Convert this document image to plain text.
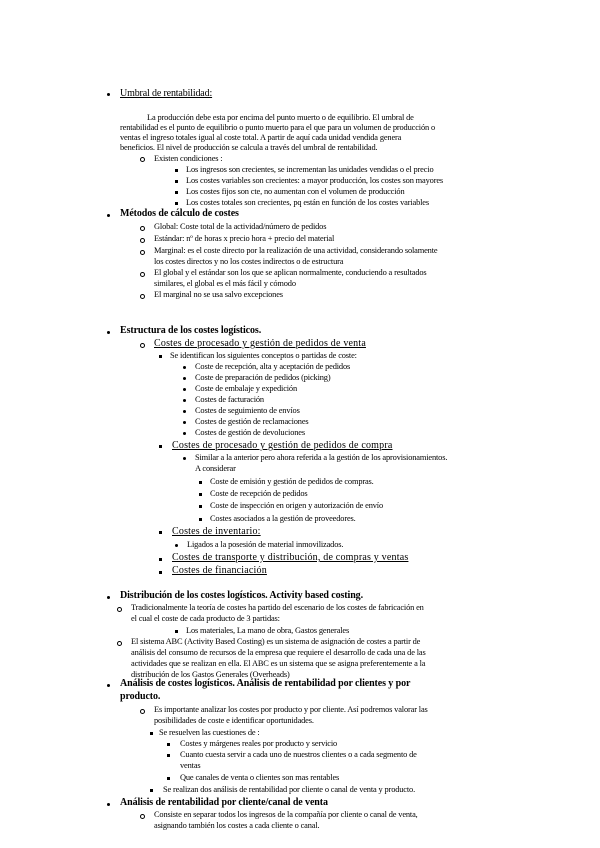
Umbral de rentabilidad:
La producción debe esta por encima del punto muerto o de equilibrio. El umbral de
rentabilidad es el punto de equilibrio o punto muerto para el que para un volumen de producción o
ventas el ingreso totales igual al coste total. A partir de aquí cada unidad vendida genera
beneficios. El nivel de producción se calcula a través del umbral de rentabilidad.
Existen condiciones :
Los ingresos son crecientes, se incrementan las unidades vendidas o el precio
Los costes variables son crecientes: a mayor producción, los costes son mayores
Los costes fijos son cte, no aumentan con el volumen de producción
Los costes totales son crecientes, pq están en función de los costes variables
Métodos de cálculo de costes
Global: Coste total de la actividad/número de pedidos
Estándar: nº de horas x precio hora + precio del material
Marginal: es el coste directo por la realización de una actividad, considerando solamente
los costes directos y no los costes indirectos o de estructura
El global y el estándar son los que se aplican normalmente, conduciendo a resultados
similares, el global es el más fácil y cómodo
El marginal no se usa salvo excepciones
Estructura de los costes logísticos.
Costes de procesado y gestión de pedidos de venta
Se identifican los siguientes conceptos o partidas de coste:
Coste de recepción, alta y aceptación de pedidos
Coste de preparación de pedidos (picking)
Coste de embalaje y expedición
Costes de facturación
Costes de seguimiento de envíos
Costes de gestión de reclamaciones
Costes de gestión de devoluciones
Costes de procesado y gestión de pedidos de compra
Similar a la anterior pero ahora referida a la gestión de los aprovisionamientos.
A considerar
Coste de emisión y gestión de pedidos de compras.
Coste de recepción de pedidos
Coste de inspección en origen y autorización de envío
Costes asociados a la gestión de proveedores.
Costes de inventario:
Ligados a la posesión de material inmovilizados.
Costes de transporte y distribución, de compras y ventas
Costes de financiación
Distribución de los costes logísticos. Activity based costing.
Tradicionalmente la teoría de costes ha partido del escenario de los costes de fabricación en
el cual el coste de cada producto de 3 partidas:
Los materiales, La mano de obra, Gastos generales
El sistema ABC (Activity Based Costing) es un sistema de asignación de costes a partir de
análisis del consumo de recursos de la empresa que requiere el desarrollo de cada una de las
actividades que se realizan en ella. El ABC es un sistema que se asigna preferentemente a la
distribución de los Gastos Generales (Overheads)
Análisis de costes logísticos. Análisis de rentabilidad por clientes y por
producto.
Es importante analizar los costes por producto y por cliente. Así podremos valorar las
posibilidades de coste e identificar oportunidades.
Se resuelven las cuestiones de :
Costes y márgenes reales por producto y servicio
Cuanto cuesta servir a cada uno de nuestros clientes o a cada segmento de
ventas
Que canales de venta o clientes son mas rentables
Se realizan dos análisis de rentabilidad por cliente o canal de venta y producto.
Análisis de rentabilidad por cliente/canal de venta
Consiste en separar todos los ingresos de la compañía por cliente o canal de venta,
asignando también los costes a cada cliente o canal.
